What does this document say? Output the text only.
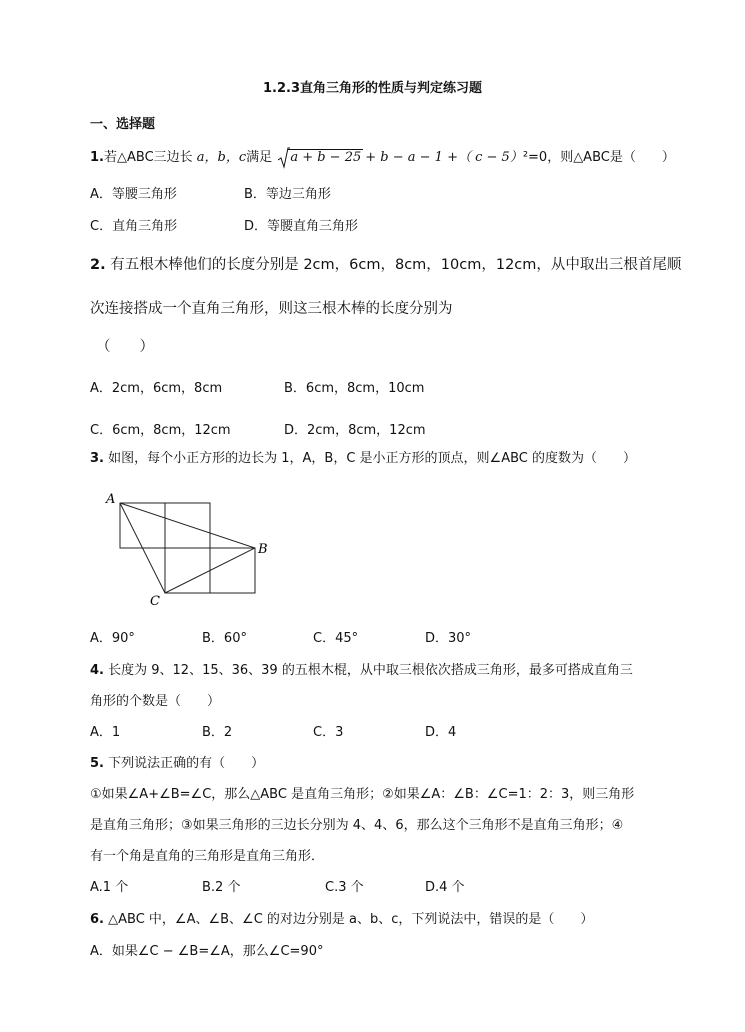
1.2.3直角三角形的性质与判定练习题
一、选择题
1.若△ABC三边长 a，b，c满足 a + b − 25 + b − a − 1 +（ c − 5）²=0，则△ABC是（　　）
A．等腰三角形	B．等边三角形
C．直角三角形	D．等腰直角三角形
2. 有五根木棒他们的长度分别是 2cm，6cm，8cm，10cm，12cm，从中取出三根首尾顺
次连接搭成一个直角三角形，则这三根木棒的长度分别为
（　　）
A．2cm，6cm，8cm	B．6cm，8cm，10cm
C．6cm，8cm，12cm	D．2cm，8cm，12cm
3. 如图，每个小正方形的边长为 1，A，B，C 是小正方形的顶点，则∠ABC 的度数为（　　）
A
B
C
A．90°	B．60°	C．45°	D．30°
4. 长度为 9、12、15、36、39 的五根木棍，从中取三根依次搭成三角形，最多可搭成直角三
角形的个数是（　　）
A．1	B．2	C．3	D．4
5. 下列说法正确的有（　　）
①如果∠A+∠B=∠C，那么△ABC 是直角三角形；②如果∠A：∠B：∠C=1：2：3，则三角形
是直角三角形；③如果三角形的三边长分别为 4、4、6，那么这个三角形不是直角三角形；④
有一个角是直角的三角形是直角三角形．
A.1 个	B.2 个	C.3 个	D.4 个
6. △ABC 中，∠A、∠B、∠C 的对边分别是 a、b、c，下列说法中，错误的是（　　）
A．如果∠C − ∠B=∠A，那么∠C=90°
